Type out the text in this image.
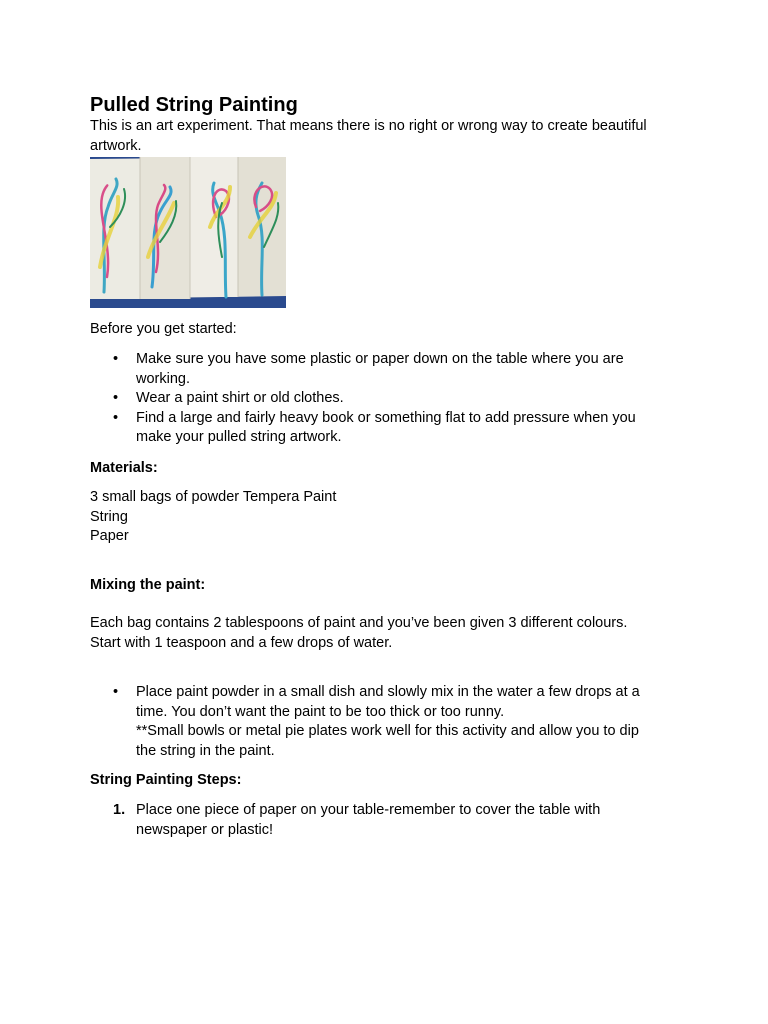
Pulled String Painting
This is an art experiment. That means there is no right or wrong way to create beautiful
artwork.
Before you get started:
• Make sure you have some plastic or paper down on the table where you are
working.
• Wear a paint shirt or old clothes.
• Find a large and fairly heavy book or something flat to add pressure when you
make your pulled string artwork.
Materials:
3 small bags of powder Tempera Paint
String
Paper
Mixing the paint:
Each bag contains 2 tablespoons of paint and you’ve been given 3 different colours.
Start with 1 teaspoon and a few drops of water.
• Place paint powder in a small dish and slowly mix in the water a few drops at a
time. You don’t want the paint to be too thick or too runny.
**Small bowls or metal pie plates work well for this activity and allow you to dip
the string in the paint.
String Painting Steps:
1. Place one piece of paper on your table-remember to cover the table with
newspaper or plastic!
